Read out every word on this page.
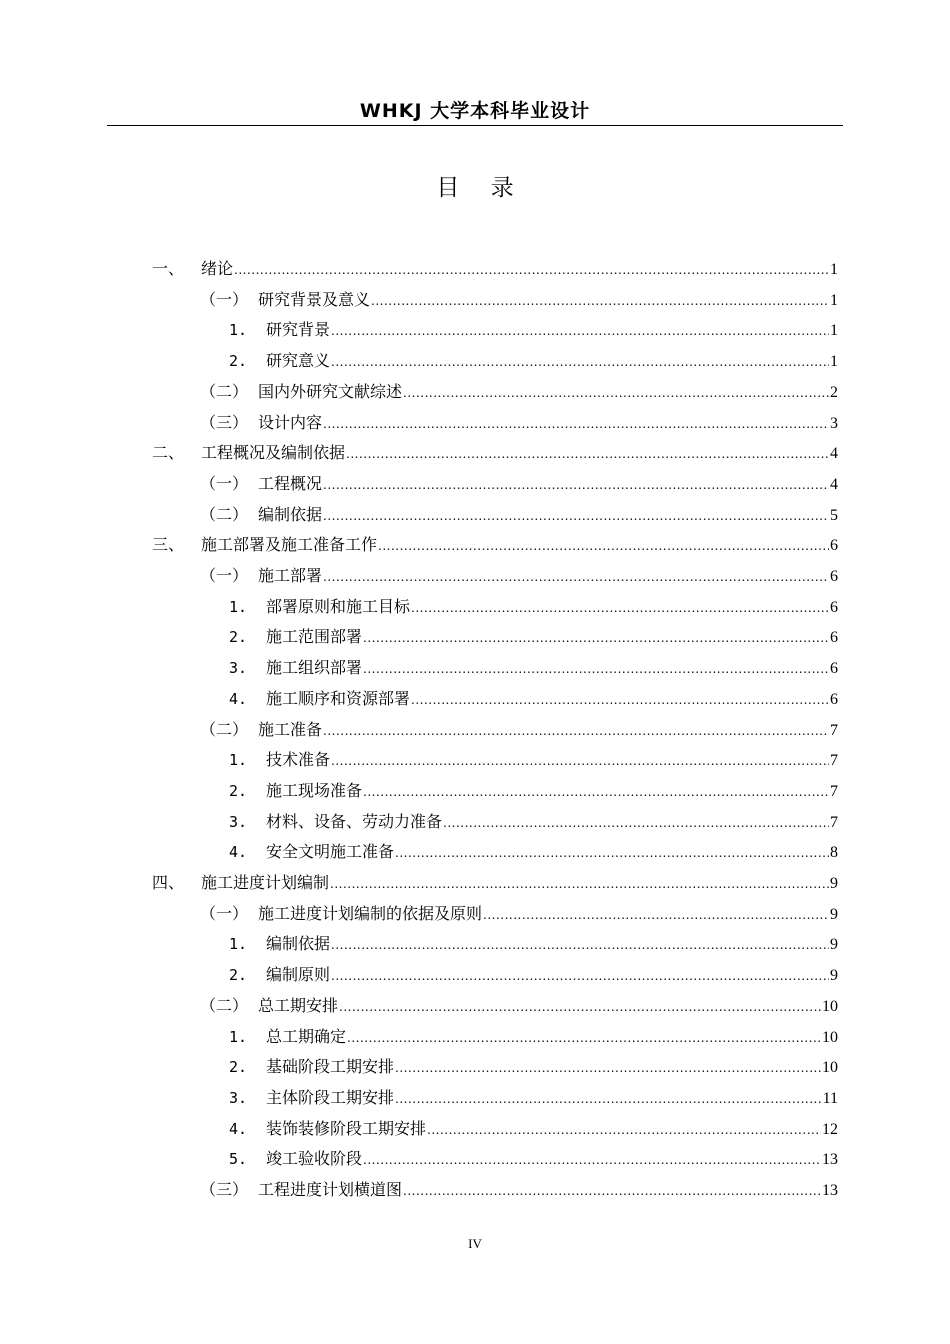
WHKJ 大学本科毕业设计
目 录
一、	绪论 .....	1
（一） 研究背景及意义 .....	1
1.	研究背景 .....	1
2.	研究意义 .....	1
（二） 国内外研究文献综述 .....	2
（三） 设计内容 .....	3
二、	工程概况及编制依据 .....	4
（一） 工程概况 .....	4
（二） 编制依据 .....	5
三、	施工部署及施工准备工作 .....	6
（一） 施工部署 .....	6
1.	部署原则和施工目标 .....	6
2.	施工范围部署 .....	6
3.	施工组织部署 .....	6
4.	施工顺序和资源部署 .....	6
（二） 施工准备 .....	7
1.	技术准备 .....	7
2.	施工现场准备 .....	7
3.	材料、设备、劳动力准备 .....	7
4.	安全文明施工准备 .....	8
四、	施工进度计划编制 .....	9
（一） 施工进度计划编制的依据及原则 .....	9
1.	编制依据 .....	9
2.	编制原则 .....	9
（二） 总工期安排 .....	10
1.	总工期确定 .....	10
2.	基础阶段工期安排 .....	10
3.	主体阶段工期安排 .....	11
4.	装饰装修阶段工期安排 .....	12
5.	竣工验收阶段 .....	13
（三） 工程进度计划横道图 .....	13
IV
